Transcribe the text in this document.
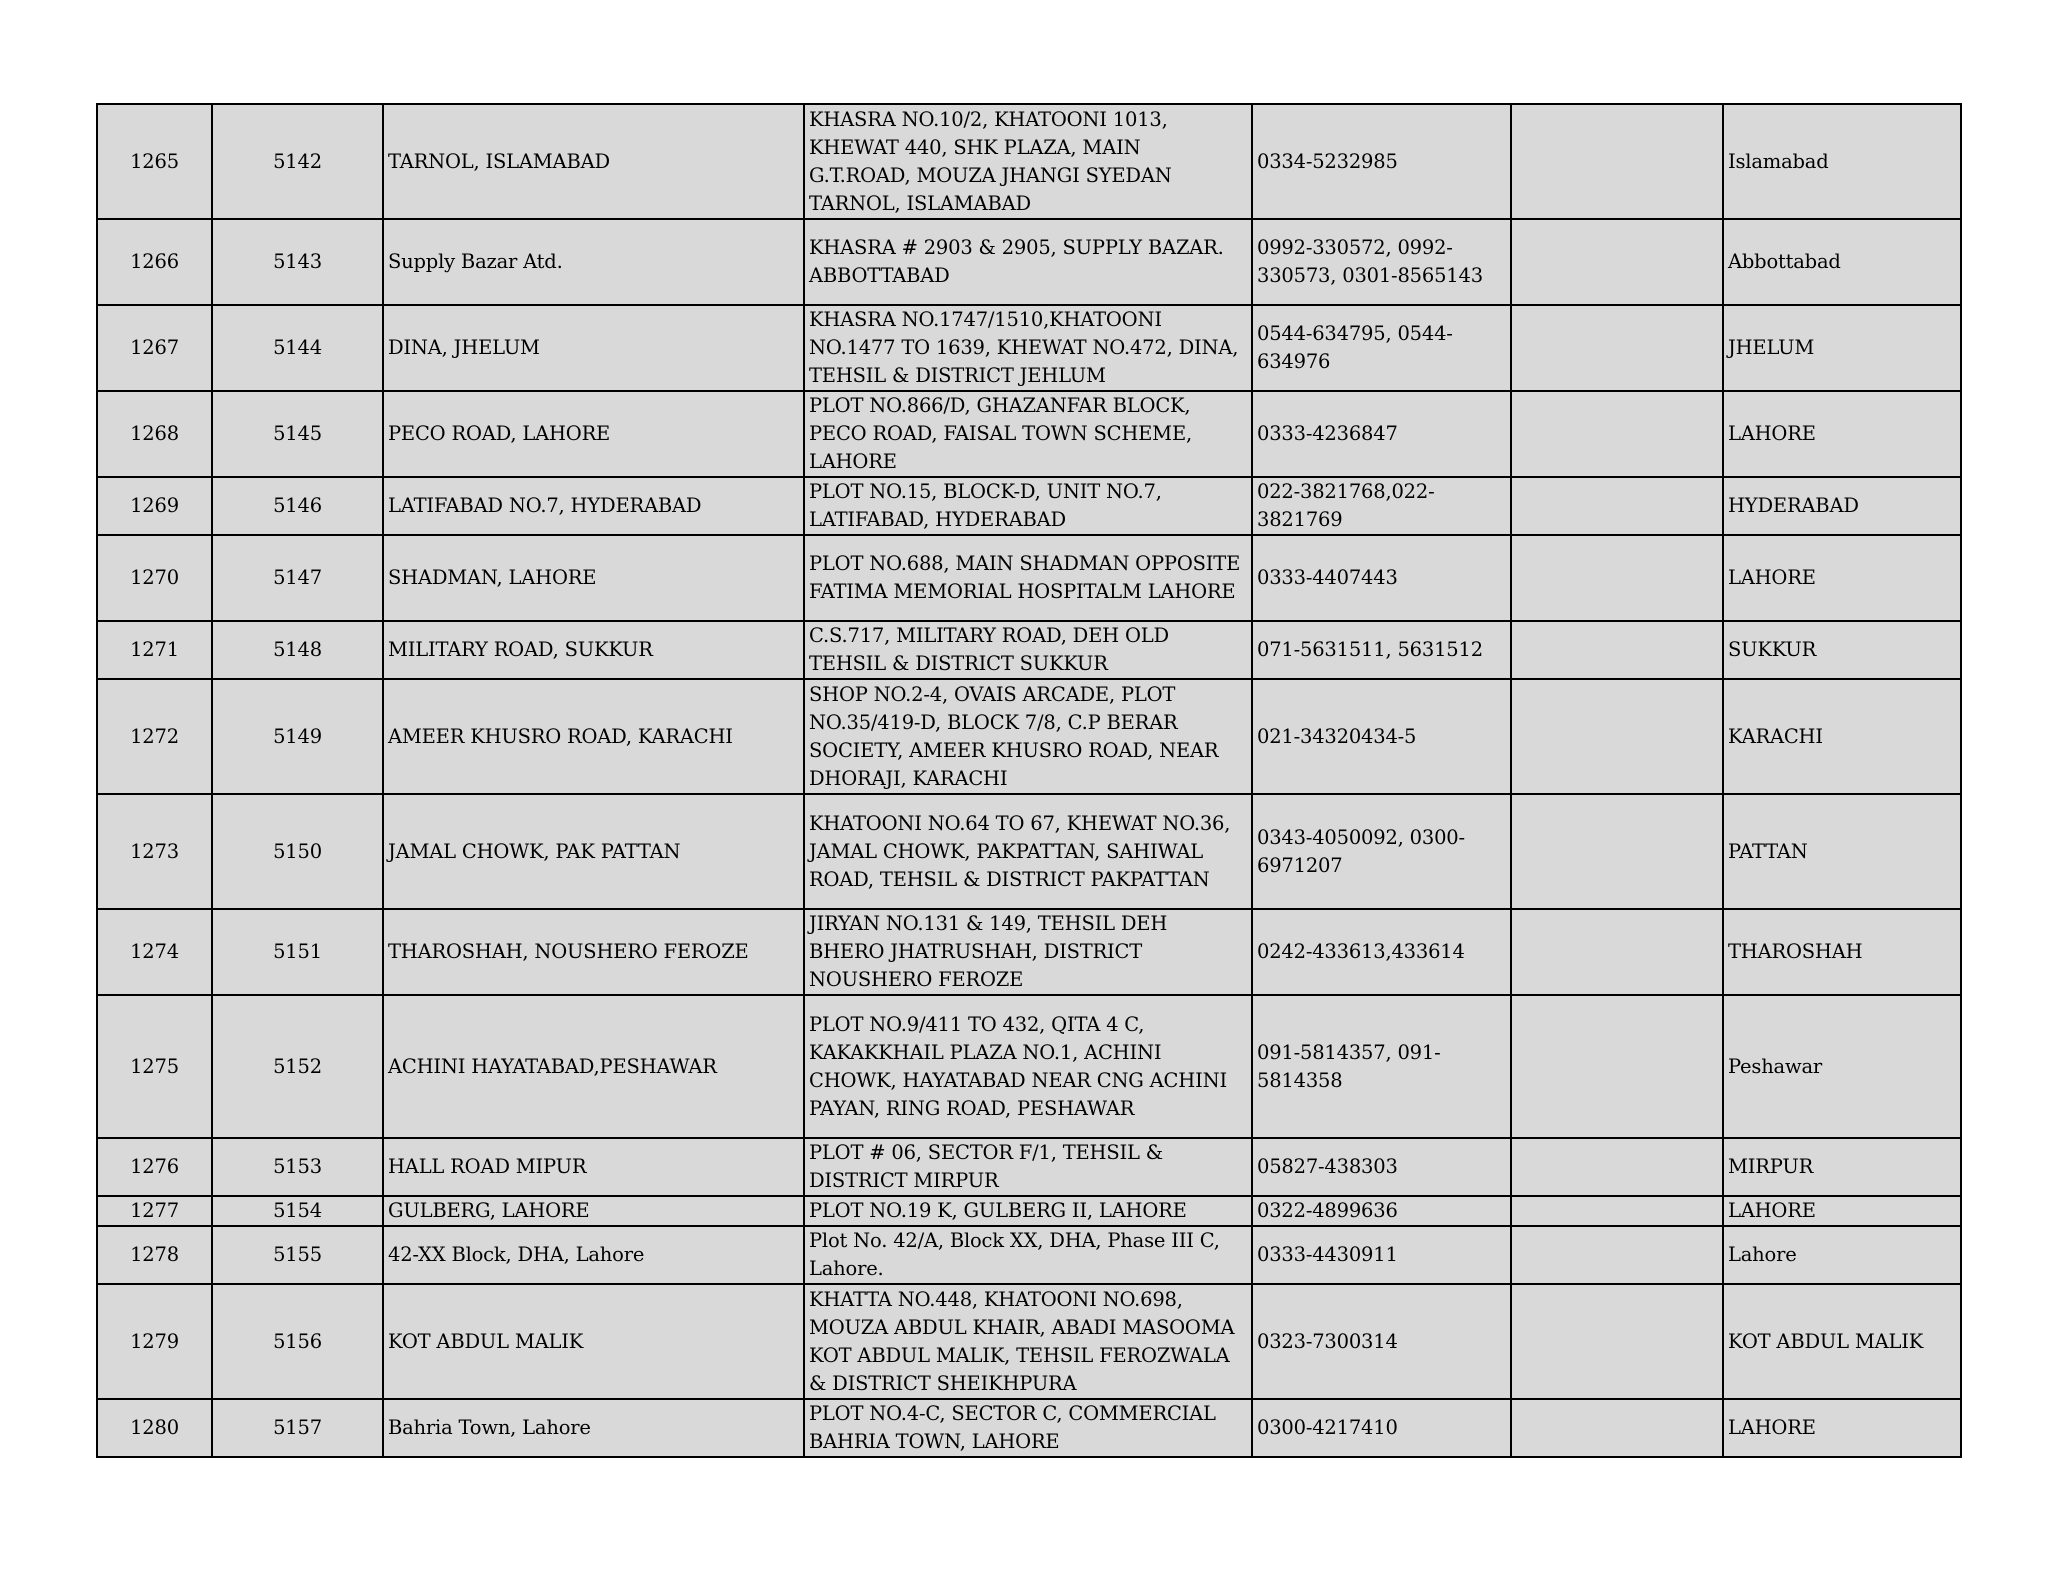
1265	5142	TARNOL, ISLAMABAD	KHASRA NO.10/2, KHATOONI 1013, KHEWAT 440, SHK PLAZA, MAIN G.T.ROAD, MOUZA JHANGI SYEDAN TARNOL, ISLAMABAD	0334-5232985		Islamabad
1266	5143	Supply Bazar Atd.	KHASRA # 2903 & 2905, SUPPLY BAZAR. ABBOTTABAD	0992-330572, 0992-330573, 0301-8565143		Abbottabad
1267	5144	DINA, JHELUM	KHASRA NO.1747/1510,KHATOONI NO.1477 TO 1639, KHEWAT NO.472, DINA, TEHSIL & DISTRICT JEHLUM	0544-634795, 0544-634976		JHELUM
1268	5145	PECO ROAD, LAHORE	PLOT NO.866/D, GHAZANFAR BLOCK, PECO ROAD, FAISAL TOWN SCHEME, LAHORE	0333-4236847		LAHORE
1269	5146	LATIFABAD NO.7, HYDERABAD	PLOT NO.15, BLOCK-D, UNIT NO.7, LATIFABAD, HYDERABAD	022-3821768,022-3821769		HYDERABAD
1270	5147	SHADMAN, LAHORE	PLOT NO.688, MAIN SHADMAN OPPOSITE FATIMA MEMORIAL HOSPITALM LAHORE	0333-4407443		LAHORE
1271	5148	MILITARY ROAD, SUKKUR	C.S.717, MILITARY ROAD, DEH OLD TEHSIL & DISTRICT SUKKUR	071-5631511, 5631512		SUKKUR
1272	5149	AMEER KHUSRO ROAD, KARACHI	SHOP NO.2-4, OVAIS ARCADE, PLOT NO.35/419-D, BLOCK 7/8, C.P BERAR SOCIETY, AMEER KHUSRO ROAD, NEAR DHORAJI, KARACHI	021-34320434-5		KARACHI
1273	5150	JAMAL CHOWK, PAK PATTAN	KHATOONI NO.64 TO 67, KHEWAT NO.36, JAMAL CHOWK, PAKPATTAN, SAHIWAL ROAD, TEHSIL & DISTRICT PAKPATTAN	0343-4050092, 0300-6971207		PATTAN
1274	5151	THAROSHAH, NOUSHERO FEROZE	JIRYAN NO.131 & 149, TEHSIL DEH BHERO JHATRUSHAH, DISTRICT NOUSHERO FEROZE	0242-433613,433614		THAROSHAH
1275	5152	ACHINI HAYATABAD,PESHAWAR	PLOT NO.9/411 TO 432, QITA 4 C, KAKAKKHAIL PLAZA NO.1, ACHINI CHOWK, HAYATABAD NEAR CNG ACHINI PAYAN, RING ROAD, PESHAWAR	091-5814357, 091-5814358		Peshawar
1276	5153	HALL ROAD MIPUR	PLOT # 06, SECTOR F/1, TEHSIL & DISTRICT MIRPUR	05827-438303		MIRPUR
1277	5154	GULBERG, LAHORE	PLOT NO.19 K, GULBERG II, LAHORE	0322-4899636		LAHORE
1278	5155	42-XX Block, DHA, Lahore	Plot No. 42/A, Block XX, DHA, Phase III C, Lahore.	0333-4430911		Lahore
1279	5156	KOT ABDUL MALIK	KHATTA NO.448, KHATOONI NO.698, MOUZA ABDUL KHAIR, ABADI MASOOMA KOT ABDUL MALIK, TEHSIL FEROZWALA & DISTRICT SHEIKHPURA	0323-7300314		KOT ABDUL MALIK
1280	5157	Bahria Town, Lahore	PLOT NO.4-C, SECTOR C, COMMERCIAL BAHRIA TOWN, LAHORE	0300-4217410		LAHORE
